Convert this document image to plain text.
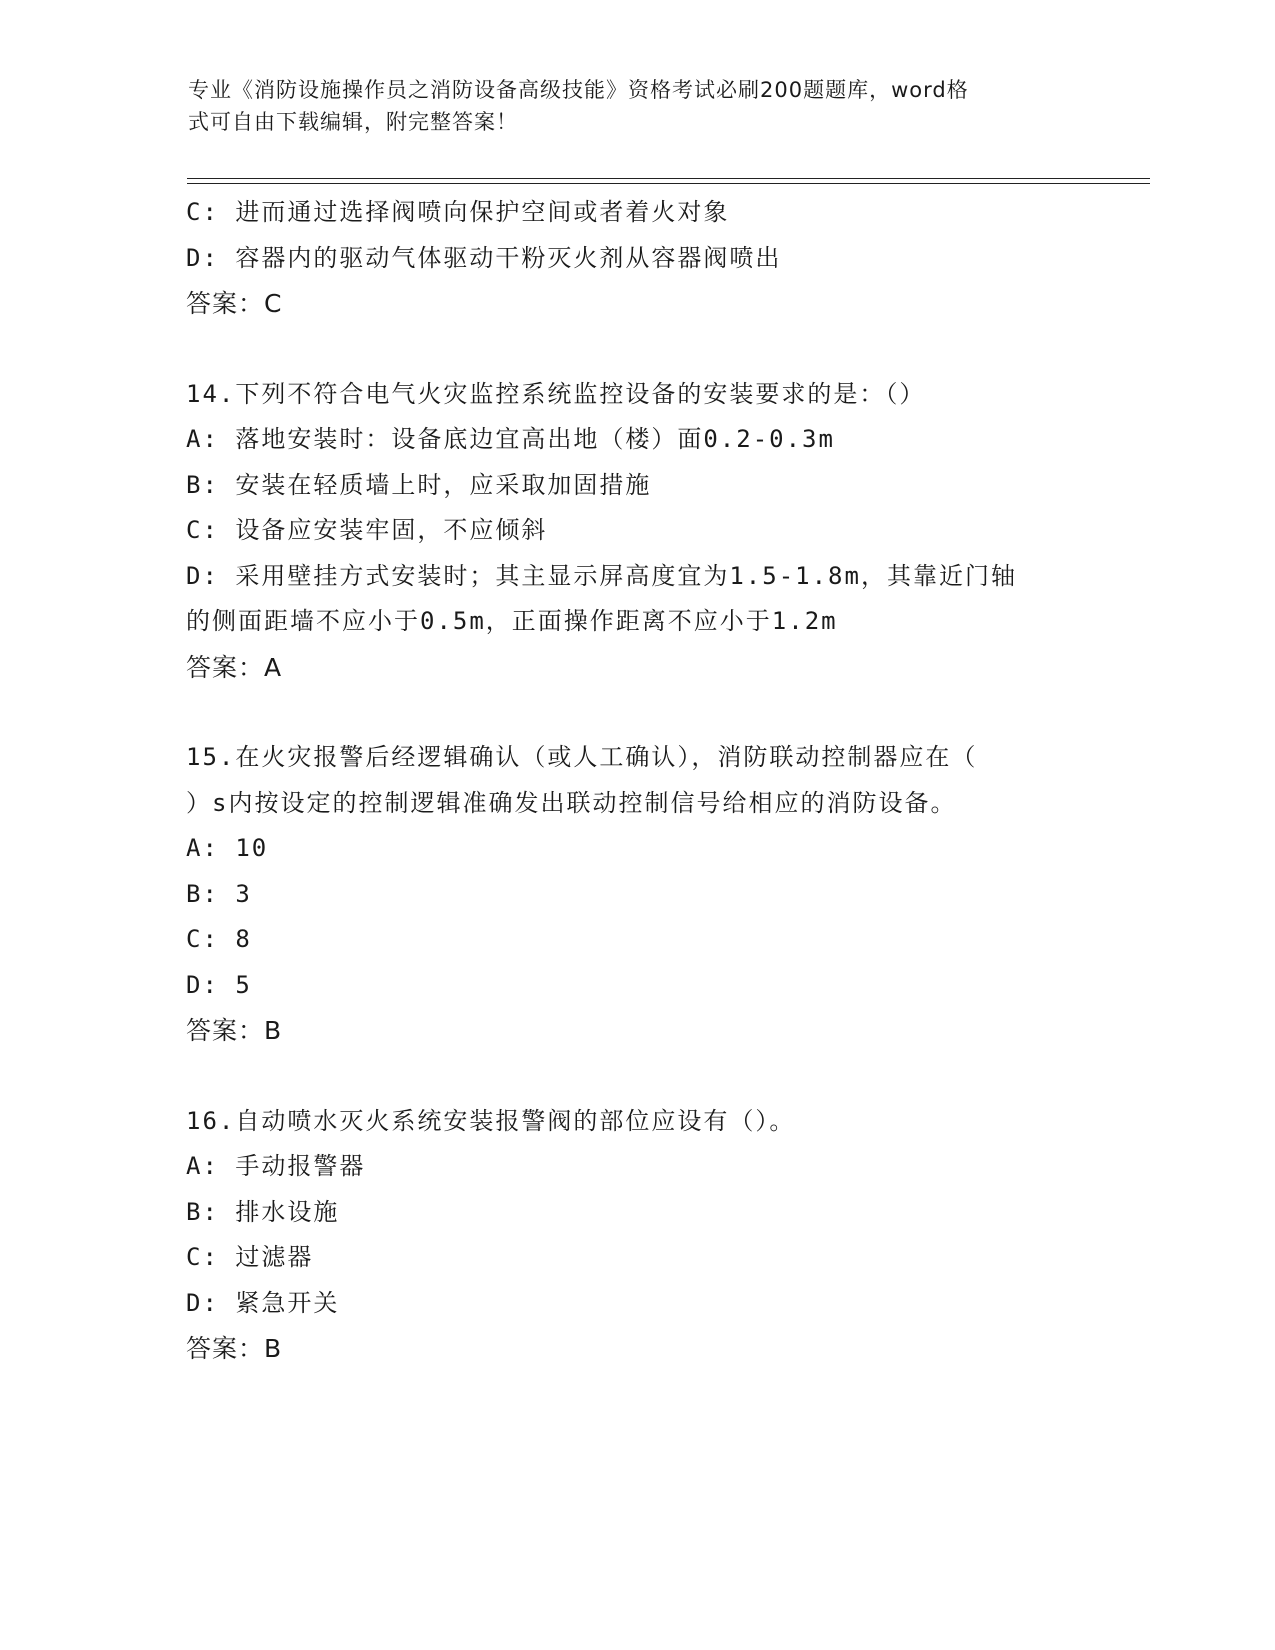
专业《消防设施操作员之消防设备高级技能》资格考试必刷200题题库，word格
式可自由下载编辑，附完整答案！
C: 进而通过选择阀喷向保护空间或者着火对象
D: 容器内的驱动气体驱动干粉灭火剂从容器阀喷出
答案：C
14.下列不符合电气火灾监控系统监控设备的安装要求的是：（）
A: 落地安装时：设备底边宜高出地（楼）面0.2-0.3m
B: 安装在轻质墙上时，应采取加固措施
C: 设备应安装牢固，不应倾斜
D: 采用壁挂方式安装时；其主显示屏高度宜为1.5-1.8m，其靠近门轴
的侧面距墙不应小于0.5m，正面操作距离不应小于1.2m
答案：A
15.在火灾报警后经逻辑确认（或人工确认），消防联动控制器应在（
）s内按设定的控制逻辑准确发出联动控制信号给相应的消防设备。
A: 10
B: 3
C: 8
D: 5
答案：B
16.自动喷水灭火系统安装报警阀的部位应设有（）。
A: 手动报警器
B: 排水设施
C: 过滤器
D: 紧急开关
答案：B
